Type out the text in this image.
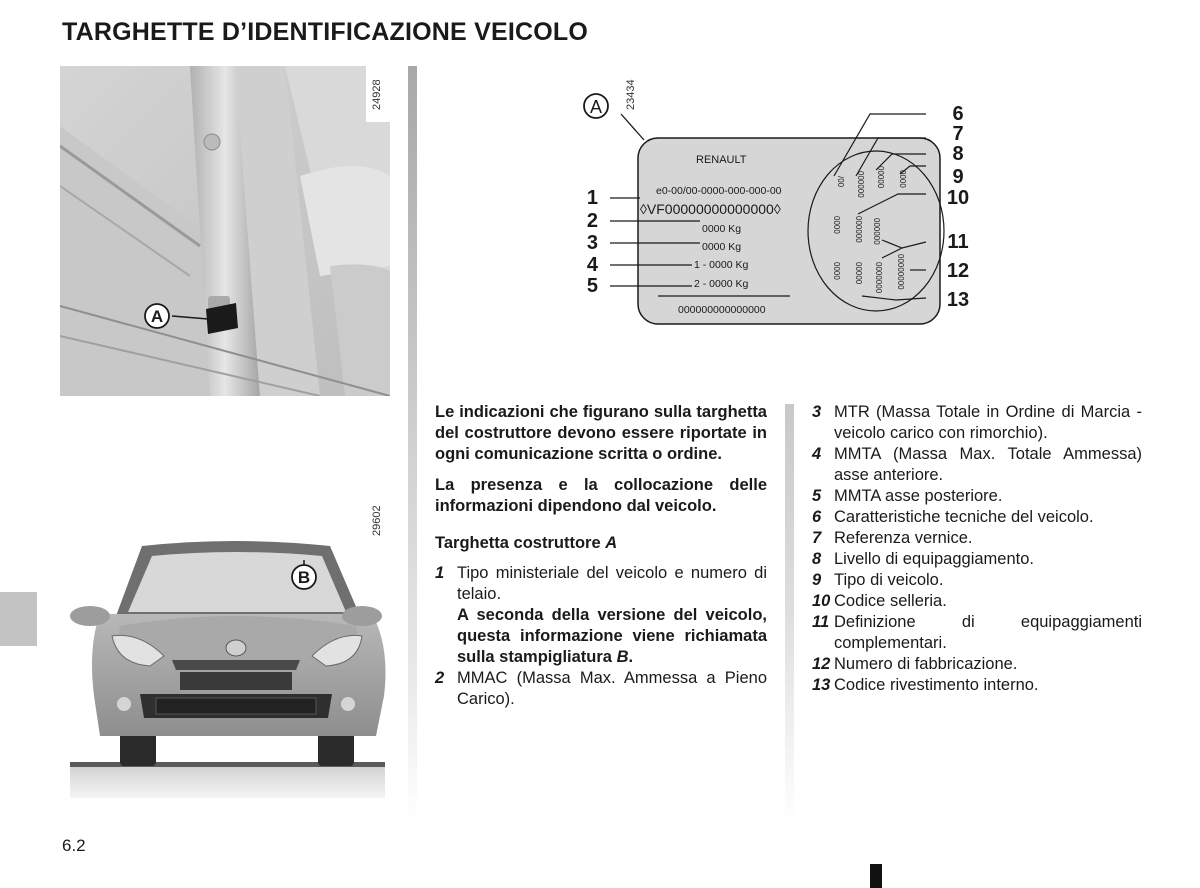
TARGHETTE D’IDENTIFICAZIONE VEICOLO
A
24928
B
29602
A
RENAULT
e0-00/00-0000-000-000-00
◊VF00000000000000◊
0000 Kg
0000 Kg
1 - 0000 Kg
2 - 0000 Kg
000000000000000
1
2
3
4
5
/00 000000 00000 0000
0000 000000 000000
0000 00000 0000000 00000000
6
7
8
9
10
11
12
13
23434

Le indicazioni che figurano sulla targhetta del costruttore devono essere riportate in ogni comunicazione scritta o ordine.

La presenza e la collocazione delle informazioni dipendono dal veicolo.

Targhetta costruttore A

1 Tipo ministeriale del veicolo e numero di telaio.
A seconda della versione del veicolo, questa informazione viene richiamata sulla stampigliatura B.
2 MMAC (Massa Max. Ammessa a Pieno Carico).
3 MTR (Massa Totale in Ordine di Marcia - veicolo carico con rimorchio).
4 MMTA (Massa Max. Totale Ammessa) asse anteriore.
5 MMTA asse posteriore.
6 Caratteristiche tecniche del veicolo.
7 Referenza vernice.
8 Livello di equipaggiamento.
9 Tipo di veicolo.
10 Codice selleria.
11 Definizione di equipaggiamenti complementari.
12 Numero di fabbricazione.
13 Codice rivestimento interno.
6.2
